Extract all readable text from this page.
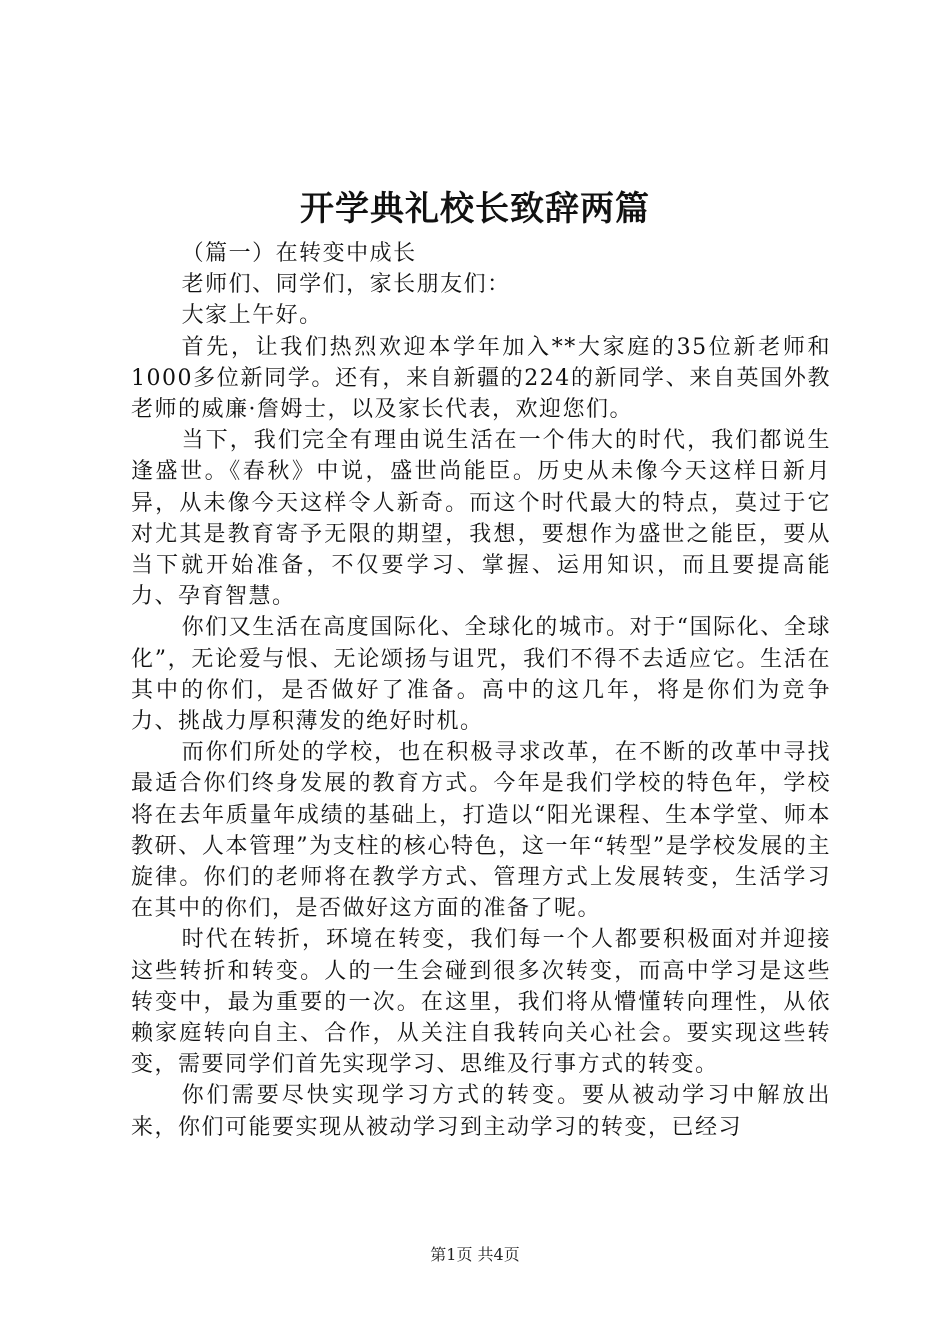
开学典礼校长致辞两篇

（篇一）在转变中成长

老师们、同学们，家长朋友们：

大家上午好。

首先，让我们热烈欢迎本学年加入**大家庭的35位新老师和1000多位新同学。还有，来自新疆的224的新同学、来自英国外教老师的威廉·詹姆士，以及家长代表，欢迎您们。

当下，我们完全有理由说生活在一个伟大的时代，我们都说生逢盛世。《春秋》中说，盛世尚能臣。历史从未像今天这样日新月异，从未像今天这样令人新奇。而这个时代最大的特点，莫过于它对尤其是教育寄予无限的期望，我想，要想作为盛世之能臣，要从当下就开始准备，不仅要学习、掌握、运用知识，而且要提高能力、孕育智慧。

你们又生活在高度国际化、全球化的城市。对于“国际化、全球化”，无论爱与恨、无论颂扬与诅咒，我们不得不去适应它。生活在其中的你们，是否做好了准备。高中的这几年，将是你们为竞争力、挑战力厚积薄发的绝好时机。

而你们所处的学校，也在积极寻求改革，在不断的改革中寻找最适合你们终身发展的教育方式。今年是我们学校的特色年，学校将在去年质量年成绩的基础上，打造以“阳光课程、生本学堂、师本教研、人本管理”为支柱的核心特色，这一年“转型”是学校发展的主旋律。你们的老师将在教学方式、管理方式上发展转变，生活学习在其中的你们，是否做好这方面的准备了呢。

时代在转折，环境在转变，我们每一个人都要积极面对并迎接这些转折和转变。人的一生会碰到很多次转变，而高中学习是这些转变中，最为重要的一次。在这里，我们将从懵懂转向理性，从依赖家庭转向自主、合作，从关注自我转向关心社会。要实现这些转变，需要同学们首先实现学习、思维及行事方式的转变。

你们需要尽快实现学习方式的转变。要从被动学习中解放出来，你们可能要实现从被动学习到主动学习的转变，已经习

第1页 共4页
